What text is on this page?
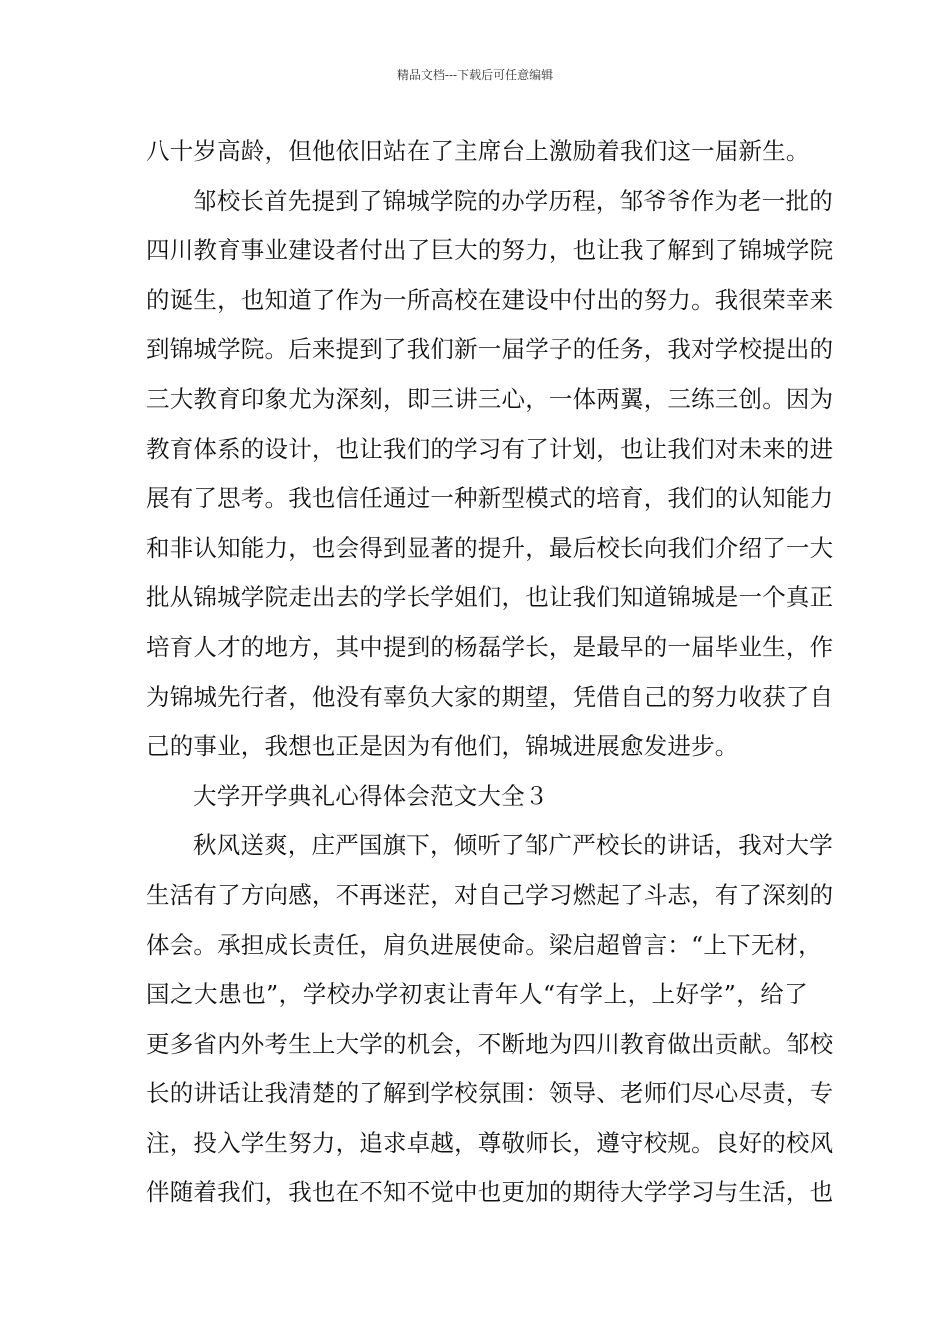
精品文档---下载后可任意编辑
八十岁高龄，但他依旧站在了主席台上激励着我们这一届新生。
邹校长首先提到了锦城学院的办学历程，邹爷爷作为老一批的
四川教育事业建设者付出了巨大的努力，也让我了解到了锦城学院
的诞生，也知道了作为一所高校在建设中付出的努力。我很荣幸来
到锦城学院。后来提到了我们新一届学子的任务，我对学校提出的
三大教育印象尤为深刻，即三讲三心，一体两翼，三练三创。因为
教育体系的设计，也让我们的学习有了计划，也让我们对未来的进
展有了思考。我也信任通过一种新型模式的培育，我们的认知能力
和非认知能力，也会得到显著的提升，最后校长向我们介绍了一大
批从锦城学院走出去的学长学姐们，也让我们知道锦城是一个真正
培育人才的地方，其中提到的杨磊学长，是最早的一届毕业生，作
为锦城先行者，他没有辜负大家的期望，凭借自己的努力收获了自
己的事业，我想也正是因为有他们，锦城进展愈发进步。
大学开学典礼心得体会范文大全３
秋风送爽，庄严国旗下，倾听了邹广严校长的讲话，我对大学
生活有了方向感，不再迷茫，对自己学习燃起了斗志，有了深刻的
体会。承担成长责任，肩负进展使命。梁启超曾言：“上下无材，
国之大患也”，学校办学初衷让青年人“有学上，上好学”，给了
更多省内外考生上大学的机会，不断地为四川教育做出贡献。邹校
长的讲话让我清楚的了解到学校氛围：领导、老师们尽心尽责，专
注，投入学生努力，追求卓越，尊敬师长，遵守校规。良好的校风
伴随着我们，我也在不知不觉中也更加的期待大学学习与生活，也
